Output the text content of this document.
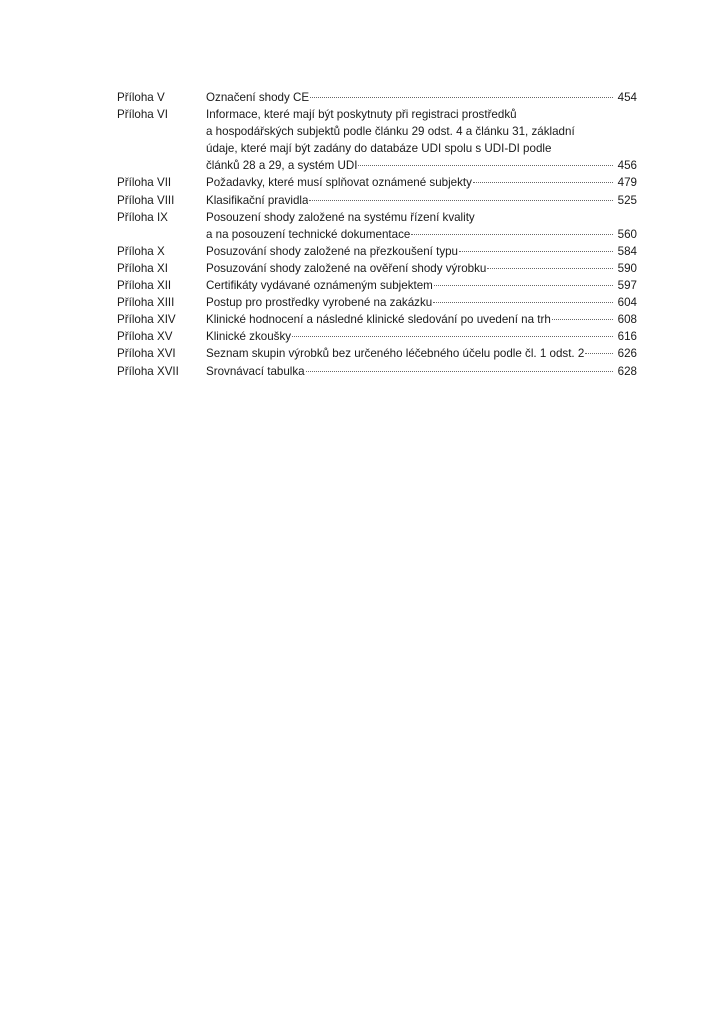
Příloha V	Označení shody CE	454
Příloha VI	Informace, které mají být poskytnuty při registraci prostředků
a hospodářských subjektů podle článku 29 odst. 4 a článku 31, základní
údaje, které mají být zadány do databáze UDI spolu s UDI-DI podle
článků 28 a 29, a systém UDI	456
Příloha VII	Požadavky, které musí splňovat oznámené subjekty	479
Příloha VIII	Klasifikační pravidla	525
Příloha IX	Posouzení shody založené na systému řízení kvality
a na posouzení technické dokumentace	560
Příloha X	Posuzování shody založené na přezkoušení typu	584
Příloha XI	Posuzování shody založené na ověření shody výrobku	590
Příloha XII	Certifikáty vydávané oznámeným subjektem	597
Příloha XIII	Postup pro prostředky vyrobené na zakázku	604
Příloha XIV	Klinické hodnocení a následné klinické sledování po uvedení na trh	608
Příloha XV	Klinické zkoušky	616
Příloha XVI	Seznam skupin výrobků bez určeného léčebného účelu podle čl. 1 odst. 2	626
Příloha XVII	Srovnávací tabulka	628
